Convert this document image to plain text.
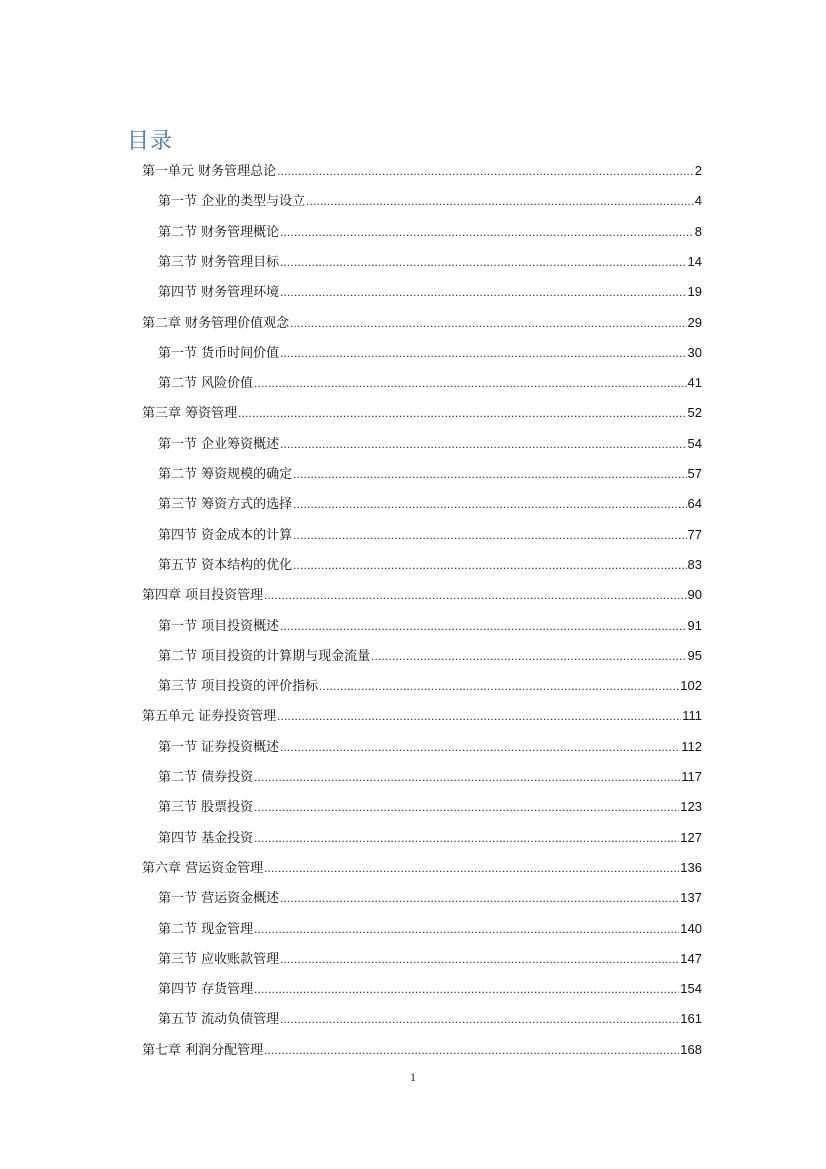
目录
第一单元 财务管理总论 .....	2
第一节 企业的类型与设立 .....	4
第二节 财务管理概论 .....	8
第三节 财务管理目标 .....	14
第四节 财务管理环境 .....	19
第二章 财务管理价值观念 .....	29
第一节 货币时间价值 .....	30
第二节 风险价值 .....	41
第三章 筹资管理 .....	52
第一节 企业筹资概述 .....	54
第二节 筹资规模的确定 .....	57
第三节 筹资方式的选择 .....	64
第四节 资金成本的计算 .....	77
第五节 资本结构的优化 .....	83
第四章 项目投资管理 .....	90
第一节 项目投资概述 .....	91
第二节 项目投资的计算期与现金流量 .....	95
第三节 项目投资的评价指标 .....	102
第五单元 证券投资管理 .....	111
第一节 证券投资概述 .....	112
第二节 债券投资 .....	117
第三节 股票投资 .....	123
第四节 基金投资 .....	127
第六章 营运资金管理 .....	136
第一节 营运资金概述 .....	137
第二节 现金管理 .....	140
第三节 应收账款管理 .....	147
第四节 存货管理 .....	154
第五节 流动负债管理 .....	161
第七章 利润分配管理 .....	168
1
